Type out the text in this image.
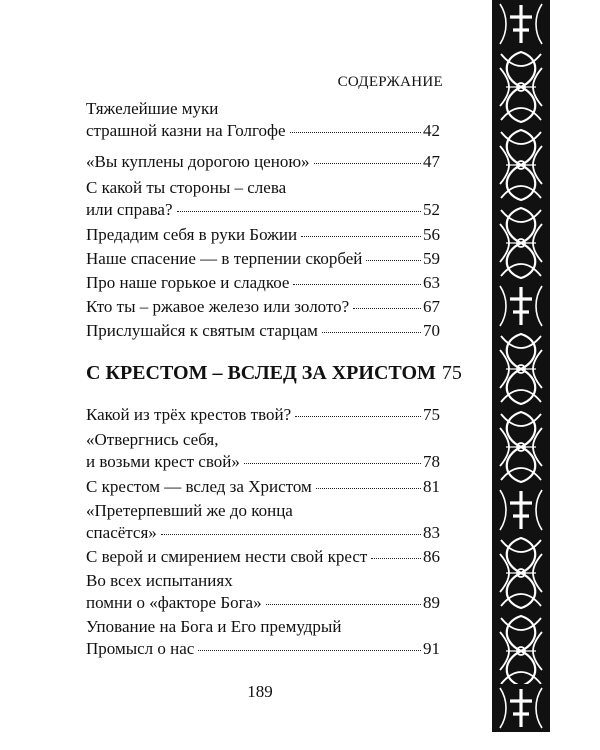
СОДЕРЖАНИЕ
Тяжелейшие муки
страшной казни на Голгофе	42
«Вы куплены дорогою ценою»	47
С какой ты стороны – слева
или справа?	52
Предадим себя в руки Божии	56
Наше спасение — в терпении скорбей	59
Про наше горькое и сладкое	63
Кто ты – ржавое железо или золото?	67
Прислушайся к святым старцам	70
С КРЕСТОМ – ВСЛЕД ЗА ХРИСТОМ 75
Какой из трёх крестов твой?	75
«Отвергнись себя,
и возьми крест свой»	78
С крестом — вслед за Христом	81
«Претерпевший же до конца
спасётся»	83
С верой и смирением нести свой крест	86
Во всех испытаниях
помни о «факторе Бога»	89
Упование на Бога и Его премудрый
Промысл о нас	91
189
